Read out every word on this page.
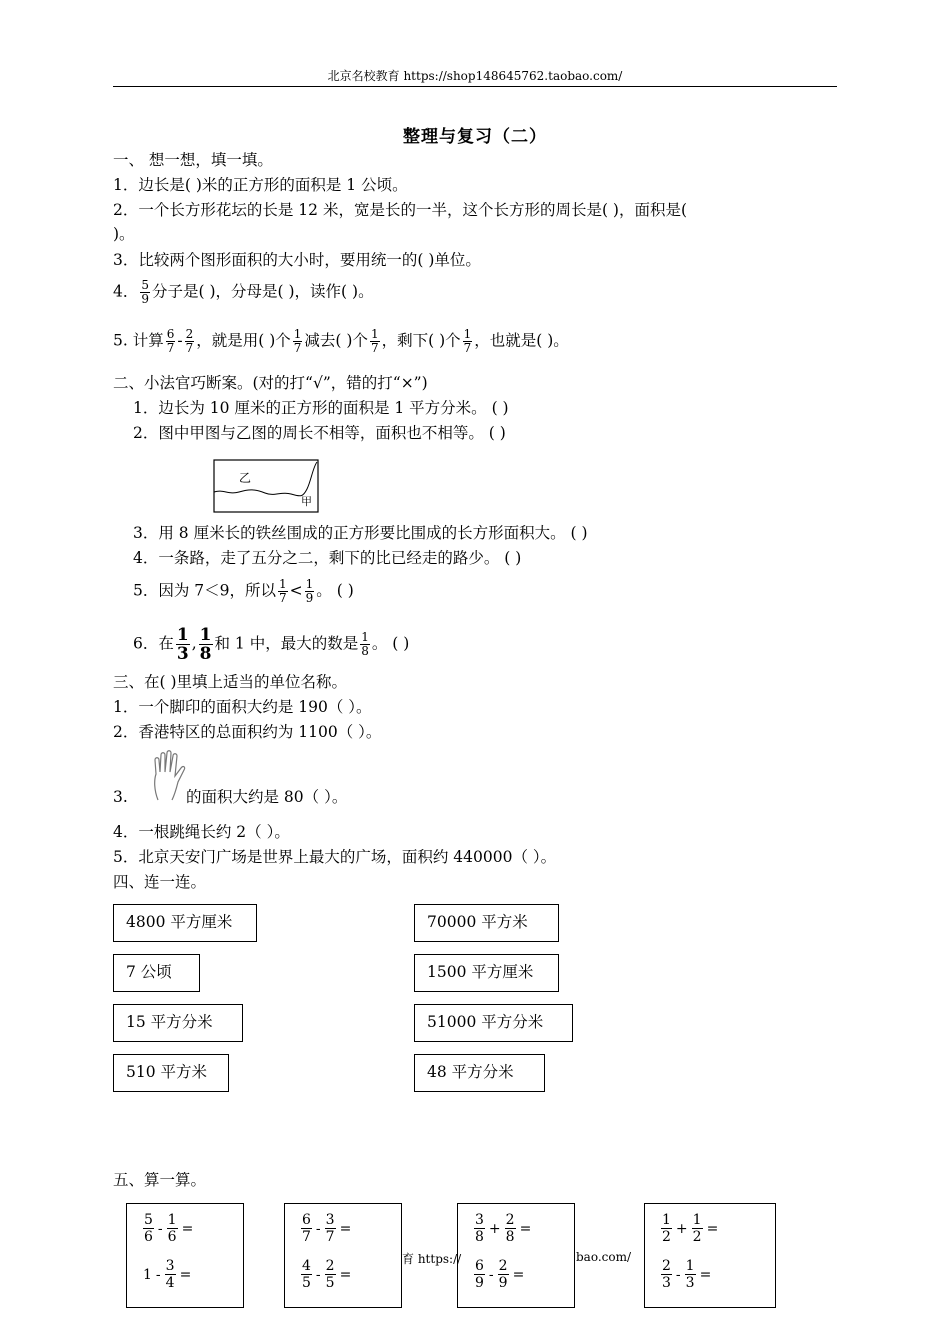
北京名校教育 https://shop148645762.taobao.com/
整理与复习（二）
一、 想一想，填一填。
1．边长是( )米的正方形的面积是 1 公顷。
2．一个长方形花坛的长是 12 米，宽是长的一半，这个长方形的周长是( )，面积是(
)。
3．比较两个图形面积的大小时，要用统一的( )单位。
4． $\frac{5}{9}$ 分子是( )，分母是( )，读作( )。
5. 计算 $\frac{6}{7} - \frac{2}{7}$ ，就是用( )个 $\frac{1}{7}$ 减去( )个 $\frac{1}{7}$ ，剩下( )个 $\frac{1}{7}$ ，也就是( )。
二、小法官巧断案。(对的打“√”，错的打“×”)
1．边长为 10 厘米的正方形的面积是 1 平方分米。 ( )
2．图中甲图与乙图的周长不相等，面积也不相等。 ( )
乙
甲
3．用 8 厘米长的铁丝围成的正方形要比围成的长方形面积大。 ( )
4．一条路，走了五分之二，剩下的比已经走的路少。 ( )
5．因为 7＜9，所以 $\frac{1}{7} < \frac{1}{9}$ 。 ( )
6．在 $\frac{1}{3}$ , $\frac{1}{8}$ 和 1 中，最大的数是 $\frac{1}{8}$ 。 ( )
三、在( )里填上适当的单位名称。
1．一个脚印的面积大约是 190（ ）。
2．香港特区的总面积约为 1100（ ）。
3.	的面积大约是 80（ ）。
4．一根跳绳长约 2（ ）。
5．北京天安门广场是世界上最大的广场，面积约 440000（ ）。
四、连一连。
4800 平方厘米
7 公顷
15 平方分米
510 平方米
70000 平方米
1500 平方厘米
51000 平方分米
48 平方分米
五、算一算。
$\frac{5}{6} - \frac{1}{6}$ =
$1 - \frac{3}{4}$ =
$\frac{6}{7} - \frac{3}{7}$ =
$\frac{4}{5} - \frac{2}{5}$ =
育 https://	bao.com/
$\frac{3}{8} + \frac{2}{8}$ =
$\frac{6}{9} - \frac{2}{9}$ =
$\frac{1}{2} + \frac{1}{2}$ =
$\frac{2}{3} - \frac{1}{3}$ =
